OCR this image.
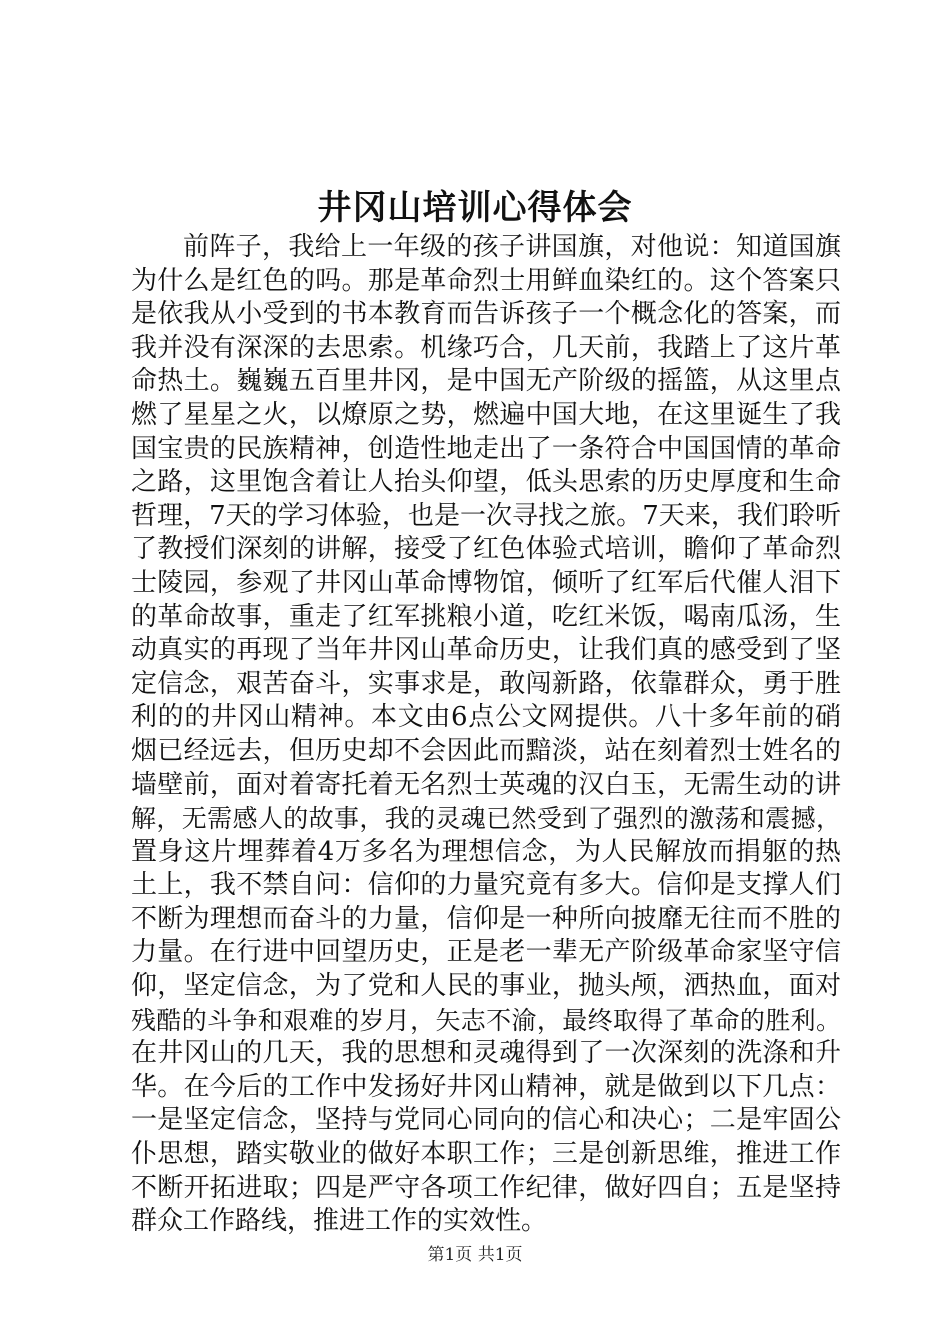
井冈山培训心得体会
前阵子，我给上一年级的孩子讲国旗，对他说：知道国旗
为什么是红色的吗。那是革命烈士用鲜血染红的。这个答案只
是依我从小受到的书本教育而告诉孩子一个概念化的答案，而
我并没有深深的去思索。机缘巧合，几天前，我踏上了这片革
命热土。巍巍五百里井冈，是中国无产阶级的摇篮，从这里点
燃了星星之火，以燎原之势，燃遍中国大地，在这里诞生了我
国宝贵的民族精神，创造性地走出了一条符合中国国情的革命
之路，这里饱含着让人抬头仰望，低头思索的历史厚度和生命
哲理，7天的学习体验，也是一次寻找之旅。7天来，我们聆听
了教授们深刻的讲解，接受了红色体验式培训，瞻仰了革命烈
士陵园，参观了井冈山革命博物馆，倾听了红军后代催人泪下
的革命故事，重走了红军挑粮小道，吃红米饭，喝南瓜汤，生
动真实的再现了当年井冈山革命历史，让我们真的感受到了坚
定信念，艰苦奋斗，实事求是，敢闯新路，依靠群众，勇于胜
利的的井冈山精神。本文由6点公文网提供。八十多年前的硝
烟已经远去，但历史却不会因此而黯淡，站在刻着烈士姓名的
墙壁前，面对着寄托着无名烈士英魂的汉白玉，无需生动的讲
解，无需感人的故事，我的灵魂已然受到了强烈的激荡和震撼，
置身这片埋葬着4万多名为理想信念，为人民解放而捐躯的热
土上，我不禁自问：信仰的力量究竟有多大。信仰是支撑人们
不断为理想而奋斗的力量，信仰是一种所向披靡无往而不胜的
力量。在行进中回望历史，正是老一辈无产阶级革命家坚守信
仰，坚定信念，为了党和人民的事业，抛头颅，洒热血，面对
残酷的斗争和艰难的岁月，矢志不渝，最终取得了革命的胜利。
在井冈山的几天，我的思想和灵魂得到了一次深刻的洗涤和升
华。在今后的工作中发扬好井冈山精神，就是做到以下几点：
一是坚定信念，坚持与党同心同向的信心和决心；二是牢固公
仆思想，踏实敬业的做好本职工作；三是创新思维，推进工作
不断开拓进取；四是严守各项工作纪律，做好四自；五是坚持
群众工作路线，推进工作的实效性。
第1页 共1页
